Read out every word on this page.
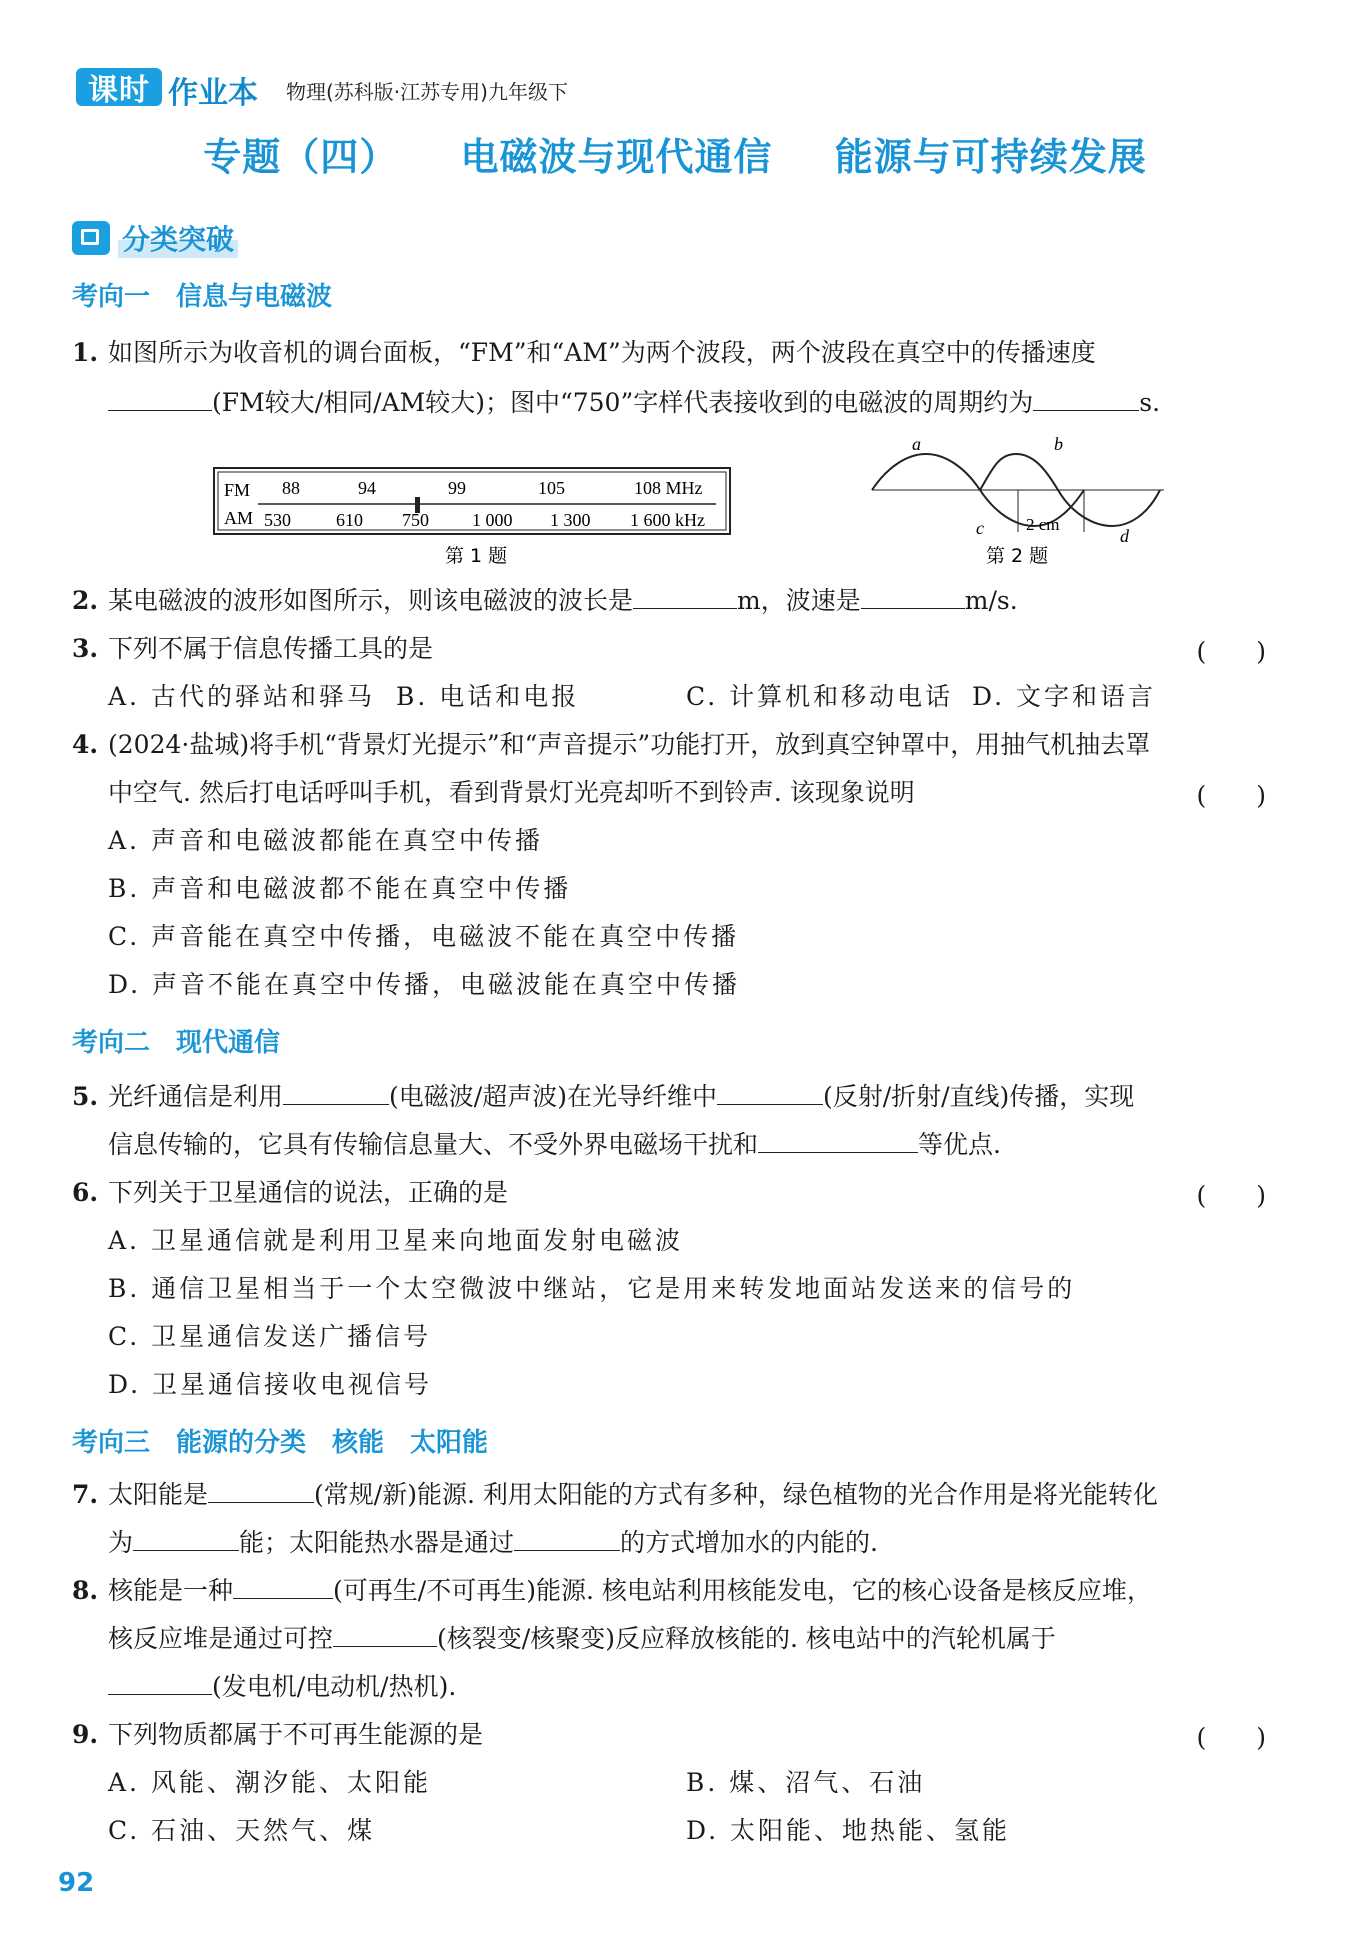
课时 作业本 物理(苏科版·江苏专用)九年级下
专题（四） 电磁波与现代通信 能源与可持续发展
分类突破
考向一 信息与电磁波
1. 如图所示为收音机的调台面板，“FM”和“AM”为两个波段，两个波段在真空中的传播速度
(FM较大/相同/AM较大)；图中“750”字样代表接收到的电磁波的周期约为	s.
FM
AM
88	94	99	105	108 MHz
530	610 750 1 000 1 300 1 600 kHz
第 1 题
a	b
c	d
2 cm
第 2 题
2. 某电磁波的波形如图所示，则该电磁波的波长是	m，波速是	m/s.
3. 下列不属于信息传播工具的是	(　　)
A. 古代的驿站和驿马 B. 电话和电报	C. 计算机和移动电话 D. 文字和语言
4. (2024·盐城)将手机“背景灯光提示”和“声音提示”功能打开，放到真空钟罩中，用抽气机抽去罩
中空气. 然后打电话呼叫手机，看到背景灯光亮却听不到铃声. 该现象说明	(　　)
A. 声音和电磁波都能在真空中传播
B. 声音和电磁波都不能在真空中传播
C. 声音能在真空中传播，电磁波不能在真空中传播
D. 声音不能在真空中传播，电磁波能在真空中传播
考向二 现代通信
5. 光纤通信是利用	(电磁波/超声波)在光导纤维中	(反射/折射/直线)传播，实现
信息传输的，它具有传输信息量大、不受外界电磁场干扰和	等优点.
6. 下列关于卫星通信的说法，正确的是	(　　)
A. 卫星通信就是利用卫星来向地面发射电磁波
B. 通信卫星相当于一个太空微波中继站，它是用来转发地面站发送来的信号的
C. 卫星通信发送广播信号
D. 卫星通信接收电视信号
考向三 能源的分类 核能 太阳能
7. 太阳能是	(常规/新)能源. 利用太阳能的方式有多种，绿色植物的光合作用是将光能转化
为	能；太阳能热水器是通过	的方式增加水的内能的.
8. 核能是一种	(可再生/不可再生)能源. 核电站利用核能发电，它的核心设备是核反应堆，
核反应堆是通过可控	(核裂变/核聚变)反应释放核能的. 核电站中的汽轮机属于
(发电机/电动机/热机).
9. 下列物质都属于不可再生能源的是	(　　)
A. 风能、潮汐能、太阳能	B. 煤、沼气、石油
C. 石油、天然气、煤	D. 太阳能、地热能、氢能
92
